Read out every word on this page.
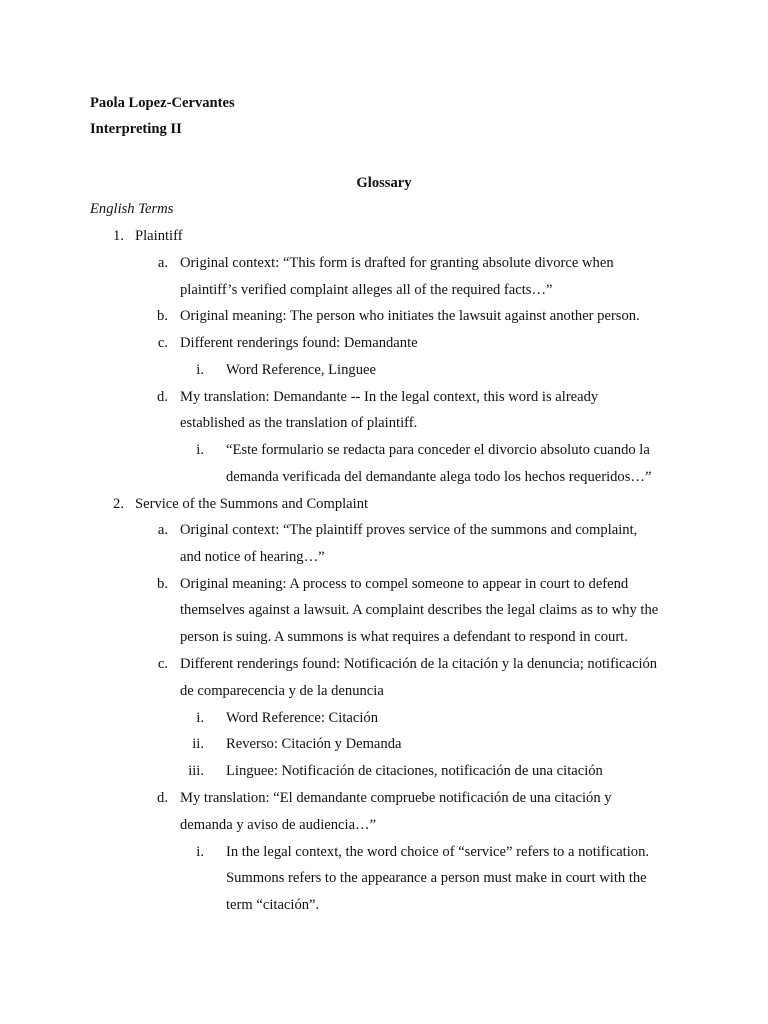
Paola Lopez-Cervantes
Interpreting II
Glossary
English Terms
1. Plaintiff
a. Original context: “This form is drafted for granting absolute divorce when
plaintiff’s verified complaint alleges all of the required facts…”
b. Original meaning: The person who initiates the lawsuit against another person.
c. Different renderings found: Demandante
i. Word Reference, Linguee
d. My translation: Demandante -- In the legal context, this word is already
established as the translation of plaintiff.
i. “Este formulario se redacta para conceder el divorcio absoluto cuando la
demanda verificada del demandante alega todo los hechos requeridos…”
2. Service of the Summons and Complaint
a. Original context: “The plaintiff proves service of the summons and complaint,
and notice of hearing…”
b. Original meaning: A process to compel someone to appear in court to defend
themselves against a lawsuit. A complaint describes the legal claims as to why the
person is suing. A summons is what requires a defendant to respond in court.
c. Different renderings found: Notificación de la citación y la denuncia; notificación
de comparecencia y de la denuncia
i. Word Reference: Citación
ii. Reverso: Citación y Demanda
iii. Linguee: Notificación de citaciones, notificación de una citación
d. My translation: “El demandante compruebe notificación de una citación y
demanda y aviso de audiencia…”
i. In the legal context, the word choice of “service” refers to a notification.
Summons refers to the appearance a person must make in court with the
term “citación”.
